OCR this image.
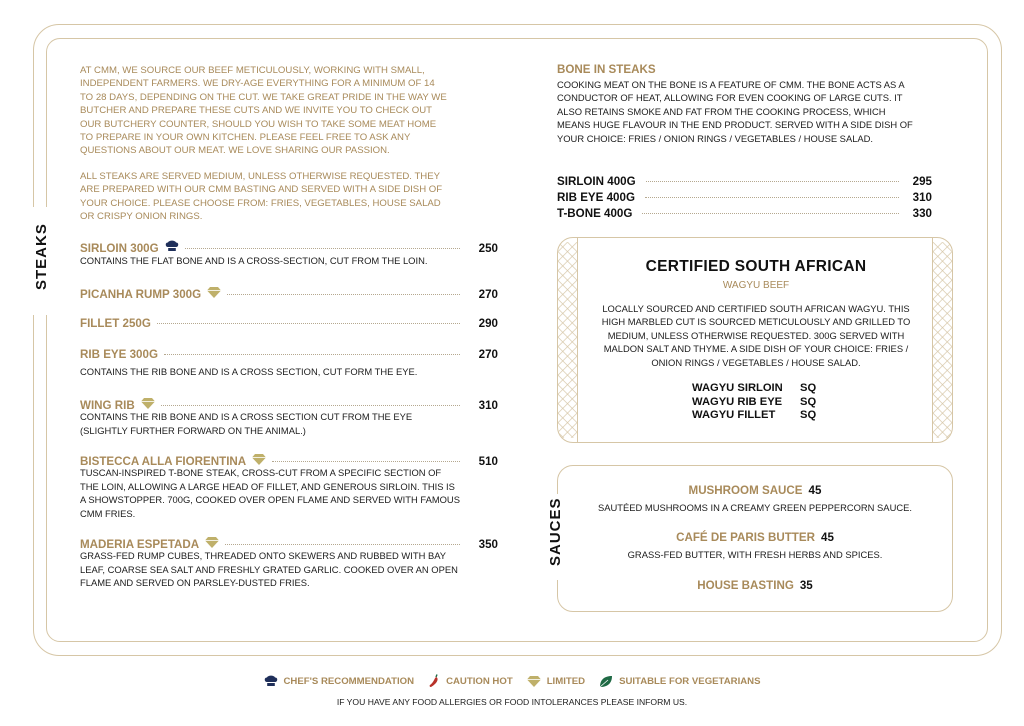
STEAKS
AT CMM, WE SOURCE OUR BEEF METICULOUSLY, WORKING WITH SMALL, INDEPENDENT FARMERS. WE DRY-AGE EVERYTHING FOR A MINIMUM OF 14 TO 28 DAYS, DEPENDING ON THE CUT. WE TAKE GREAT PRIDE IN THE WAY WE BUTCHER AND PREPARE THESE CUTS AND WE INVITE YOU TO CHECK OUT OUR BUTCHERY COUNTER, SHOULD YOU WISH TO TAKE SOME MEAT HOME TO PREPARE IN YOUR OWN KITCHEN. PLEASE FEEL FREE TO ASK ANY QUESTIONS ABOUT OUR MEAT. WE LOVE SHARING OUR PASSION.
ALL STEAKS ARE SERVED MEDIUM, UNLESS OTHERWISE REQUESTED. THEY ARE PREPARED WITH OUR CMM BASTING AND SERVED WITH A SIDE DISH OF YOUR CHOICE. PLEASE CHOOSE FROM: FRIES, VEGETABLES, HOUSE SALAD OR CRISPY ONION RINGS.
SIRLOIN 300G	250
CONTAINS THE FLAT BONE AND IS A CROSS-SECTION, CUT FROM THE LOIN.
PICANHA RUMP 300G	270
FILLET 250G	290
RIB EYE 300G	270
CONTAINS THE RIB BONE AND IS A CROSS SECTION, CUT FORM THE EYE.
WING RIB	310
CONTAINS THE RIB BONE AND IS A CROSS SECTION CUT FROM THE EYE (SLIGHTLY FURTHER FORWARD ON THE ANIMAL.)
BISTECCA ALLA FIORENTINA	510
TUSCAN-INSPIRED T-BONE STEAK, CROSS-CUT FROM A SPECIFIC SECTION OF THE LOIN, ALLOWING A LARGE HEAD OF FILLET, AND GENEROUS SIRLOIN. THIS IS A SHOWSTOPPER. 700G, COOKED OVER OPEN FLAME AND SERVED WITH FAMOUS CMM FRIES.
MADERIA ESPETADA	350
GRASS-FED RUMP CUBES, THREADED ONTO SKEWERS AND RUBBED WITH BAY LEAF, COARSE SEA SALT AND FRESHLY GRATED GARLIC. COOKED OVER AN OPEN FLAME AND SERVED ON PARSLEY-DUSTED FRIES.
BONE IN STEAKS
COOKING MEAT ON THE BONE IS A FEATURE OF CMM. THE BONE ACTS AS A CONDUCTOR OF HEAT, ALLOWING FOR EVEN COOKING OF LARGE CUTS. IT ALSO RETAINS SMOKE AND FAT FROM THE COOKING PROCESS, WHICH MEANS HUGE FLAVOUR IN THE END PRODUCT. SERVED WITH A SIDE DISH OF YOUR CHOICE: FRIES / ONION RINGS / VEGETABLES / HOUSE SALAD.
SIRLOIN 400G	295
RIB EYE 400G	310
T-BONE 400G	330
CERTIFIED SOUTH AFRICAN
WAGYU BEEF
LOCALLY SOURCED AND CERTIFIED SOUTH AFRICAN WAGYU. THIS HIGH MARBLED CUT IS SOURCED METICULOUSLY AND GRILLED TO MEDIUM, UNLESS OTHERWISE REQUESTED. 300G SERVED WITH MALDON SALT AND THYME. A SIDE DISH OF YOUR CHOICE: FRIES / ONION RINGS / VEGETABLES / HOUSE SALAD.
WAGYU SIRLOIN	SQ
WAGYU RIB EYE	SQ
WAGYU FILLET	SQ
SAUCES
MUSHROOM SAUCE 45
SAUTÉED MUSHROOMS IN A CREAMY GREEN PEPPERCORN SAUCE.
CAFÉ DE PARIS BUTTER 45
GRASS-FED BUTTER, WITH FRESH HERBS AND SPICES.
HOUSE BASTING 35
CHEF'S RECOMMENDATION	CAUTION HOT	LIMITED	SUITABLE FOR VEGETARIANS
IF YOU HAVE ANY FOOD ALLERGIES OR FOOD INTOLERANCES PLEASE INFORM US.
